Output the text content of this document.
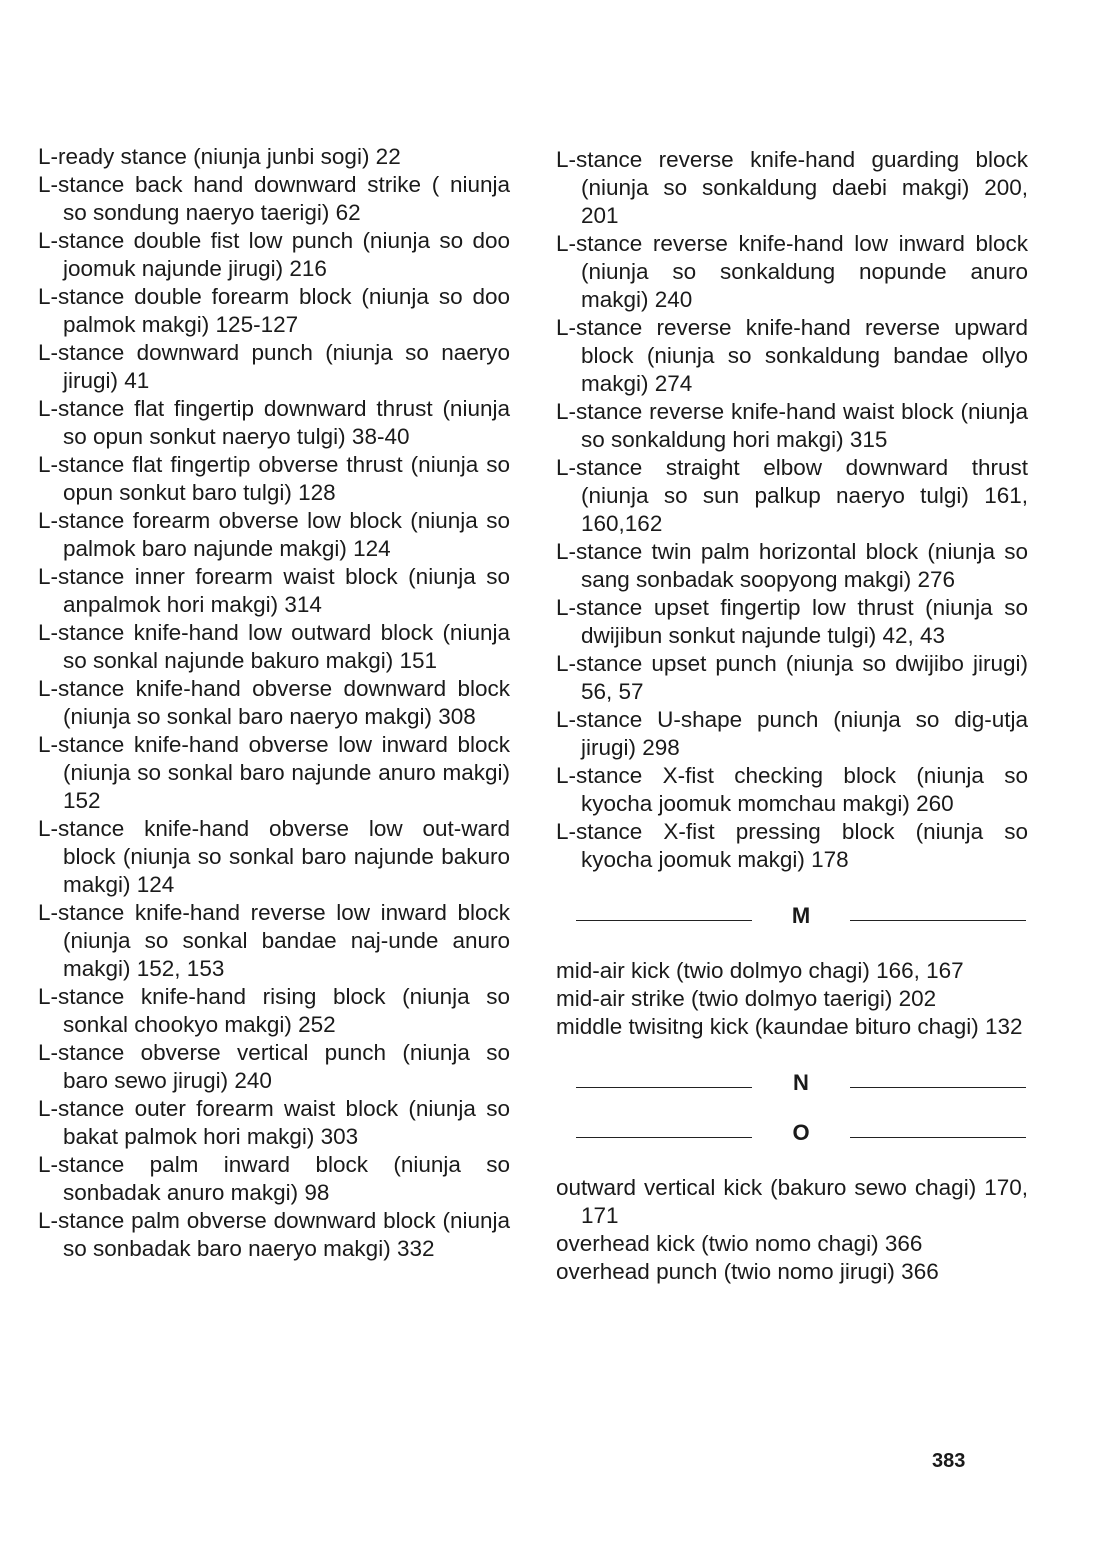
L-ready stance (niunja junbi sogi) 22

L-stance back hand downward strike ( niunja so sondung naeryo taerigi) 62

L-stance double fist low punch (niunja so doo joomuk najunde jirugi) 216

L-stance double forearm block (niunja so doo palmok makgi) 125-127

L-stance downward punch (niunja so naeryo jirugi) 41

L-stance flat fingertip downward thrust (niunja so opun sonkut naeryo tulgi) 38-40

L-stance flat fingertip obverse thrust (niunja so opun sonkut baro tulgi) 128

L-stance forearm obverse low block (niunja so palmok baro najunde makgi) 124

L-stance inner forearm waist block (niunja so anpalmok hori makgi) 314

L-stance knife-hand low outward block (niunja so sonkal najunde bakuro makgi) 151

L-stance knife-hand obverse downward block (niunja so sonkal baro naeryo makgi) 308

L-stance knife-hand obverse low inward block (niunja so sonkal baro najunde anuro makgi) 152

L-stance knife-hand obverse low out-ward block (niunja so sonkal baro najunde bakuro makgi) 124

L-stance knife-hand reverse low inward block (niunja so sonkal bandae naj-unde anuro makgi) 152, 153

L-stance knife-hand rising block (niunja so sonkal chookyo makgi) 252

L-stance obverse vertical punch (niunja so baro sewo jirugi) 240

L-stance outer forearm waist block (niunja so bakat palmok hori makgi) 303

L-stance palm inward block (niunja so sonbadak anuro makgi) 98

L-stance palm obverse downward block (niunja so sonbadak baro naeryo makgi) 332

L-stance reverse knife-hand guarding block (niunja so sonkaldung daebi makgi) 200, 201

L-stance reverse knife-hand low inward block (niunja so sonkaldung nopunde anuro makgi) 240

L-stance reverse knife-hand reverse upward block (niunja so sonkaldung bandae ollyo makgi) 274

L-stance reverse knife-hand waist block (niunja so sonkaldung hori makgi) 315

L-stance straight elbow downward thrust (niunja so sun palkup naeryo tulgi) 161, 160,162

L-stance twin palm horizontal block (niunja so sang sonbadak soopyong makgi) 276

L-stance upset fingertip low thrust (niunja so dwijibun sonkut najunde tulgi) 42, 43

L-stance upset punch (niunja so dwijibo jirugi) 56, 57

L-stance U-shape punch (niunja so dig-utja jirugi) 298

L-stance X-fist checking block (niunja so kyocha joomuk momchau makgi) 260

L-stance X-fist pressing block (niunja so kyocha joomuk makgi) 178

M

mid-air kick (twio dolmyo chagi) 166, 167

mid-air strike (twio dolmyo taerigi) 202

middle twisitng kick (kaundae bituro chagi) 132

N
O

outward vertical kick (bakuro sewo chagi) 170, 171

overhead kick (twio nomo chagi) 366

overhead punch (twio nomo jirugi) 366

383
